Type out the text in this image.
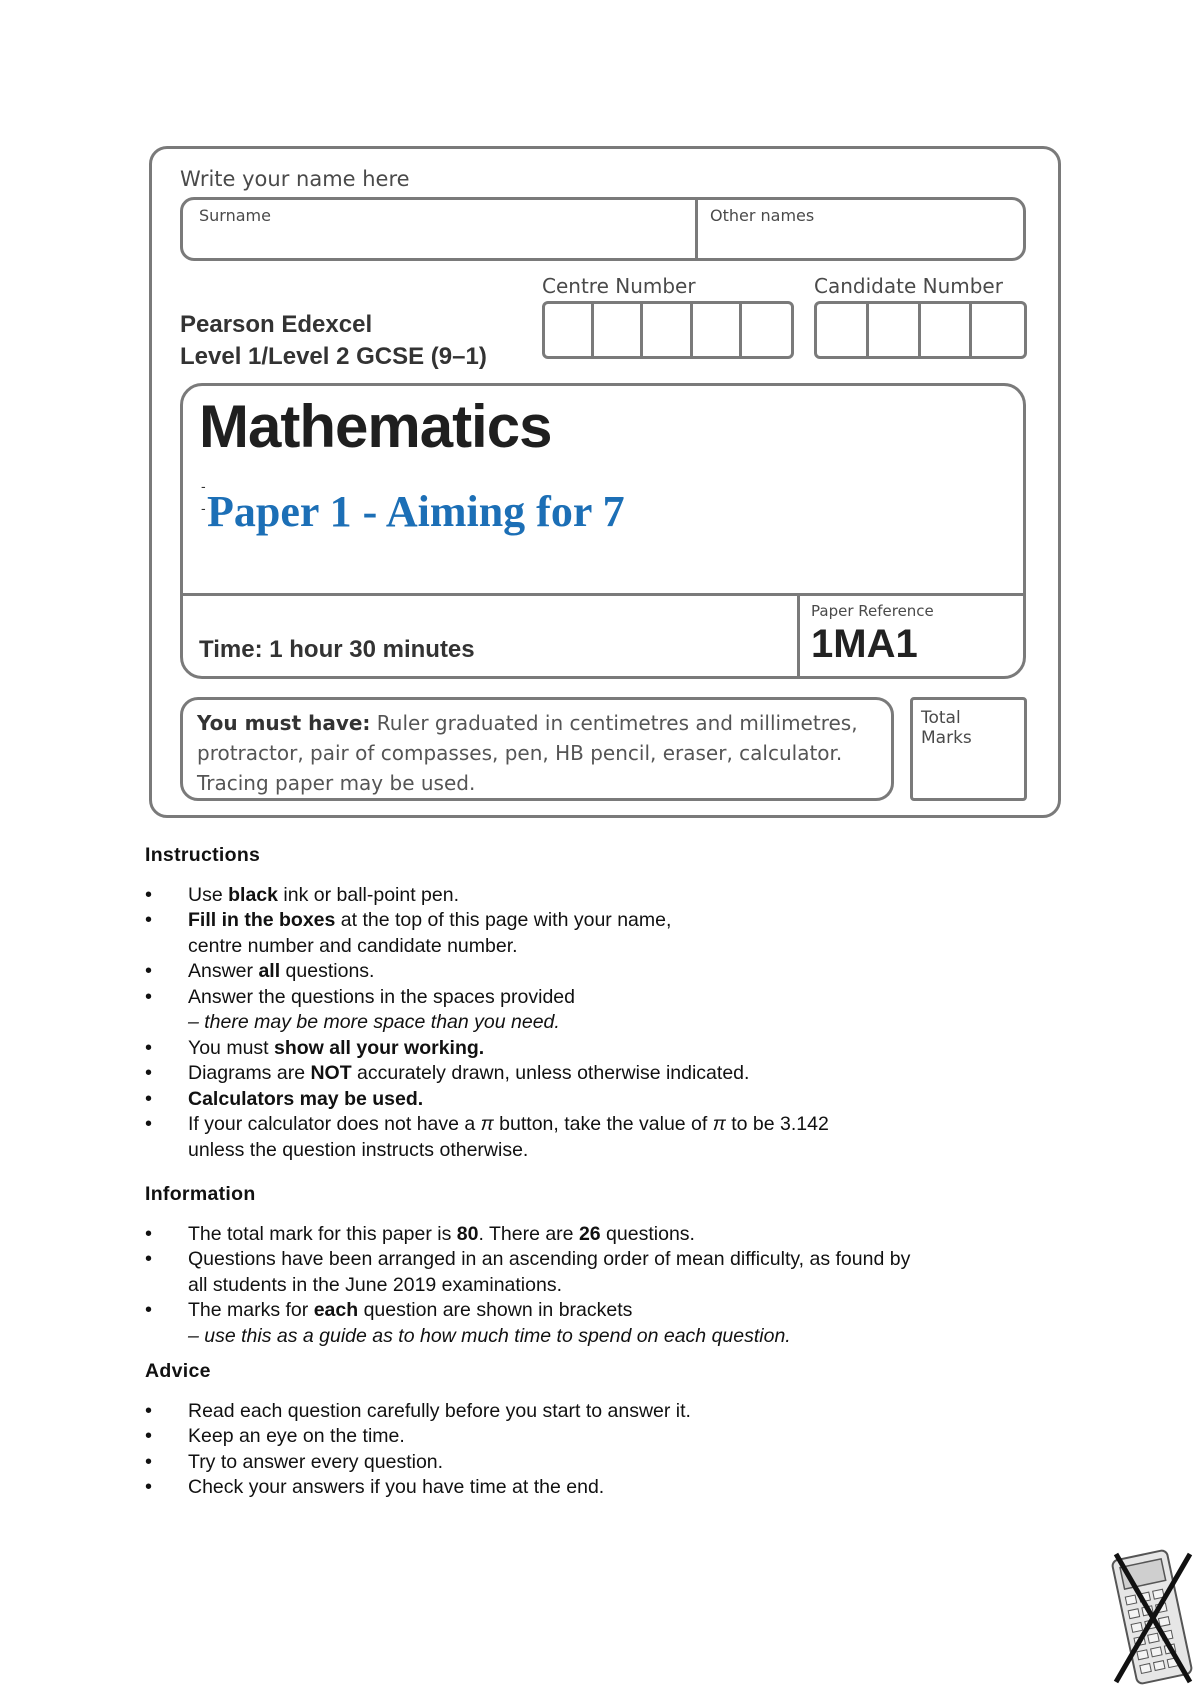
Write your name here
Surname	Other names
Centre Number	Candidate Number
Pearson Edexcel
Level 1/Level 2 GCSE (9–1)
Mathematics
-
- Paper 1 - Aiming for 7
Time: 1 hour 30 minutes
Paper Reference
1MA1
You must have: Ruler graduated in centimetres and millimetres,
protractor, pair of compasses, pen, HB pencil, eraser, calculator.
Tracing paper may be used.
Total Marks
Instructions
• Use black ink or ball-point pen.
• Fill in the boxes at the top of this page with your name,
centre number and candidate number.
• Answer all questions.
• Answer the questions in the spaces provided
– there may be more space than you need.
• You must show all your working.
• Diagrams are NOT accurately drawn, unless otherwise indicated.
• Calculators may be used.
• If your calculator does not have a π button, take the value of π to be 3.142
unless the question instructs otherwise.
Information
• The total mark for this paper is 80. There are 26 questions.
• Questions have been arranged in an ascending order of mean difficulty, as found by
all students in the June 2019 examinations.
• The marks for each question are shown in brackets
– use this as a guide as to how much time to spend on each question.
Advice
• Read each question carefully before you start to answer it.
• Keep an eye on the time.
• Try to answer every question.
• Check your answers if you have time at the end.
